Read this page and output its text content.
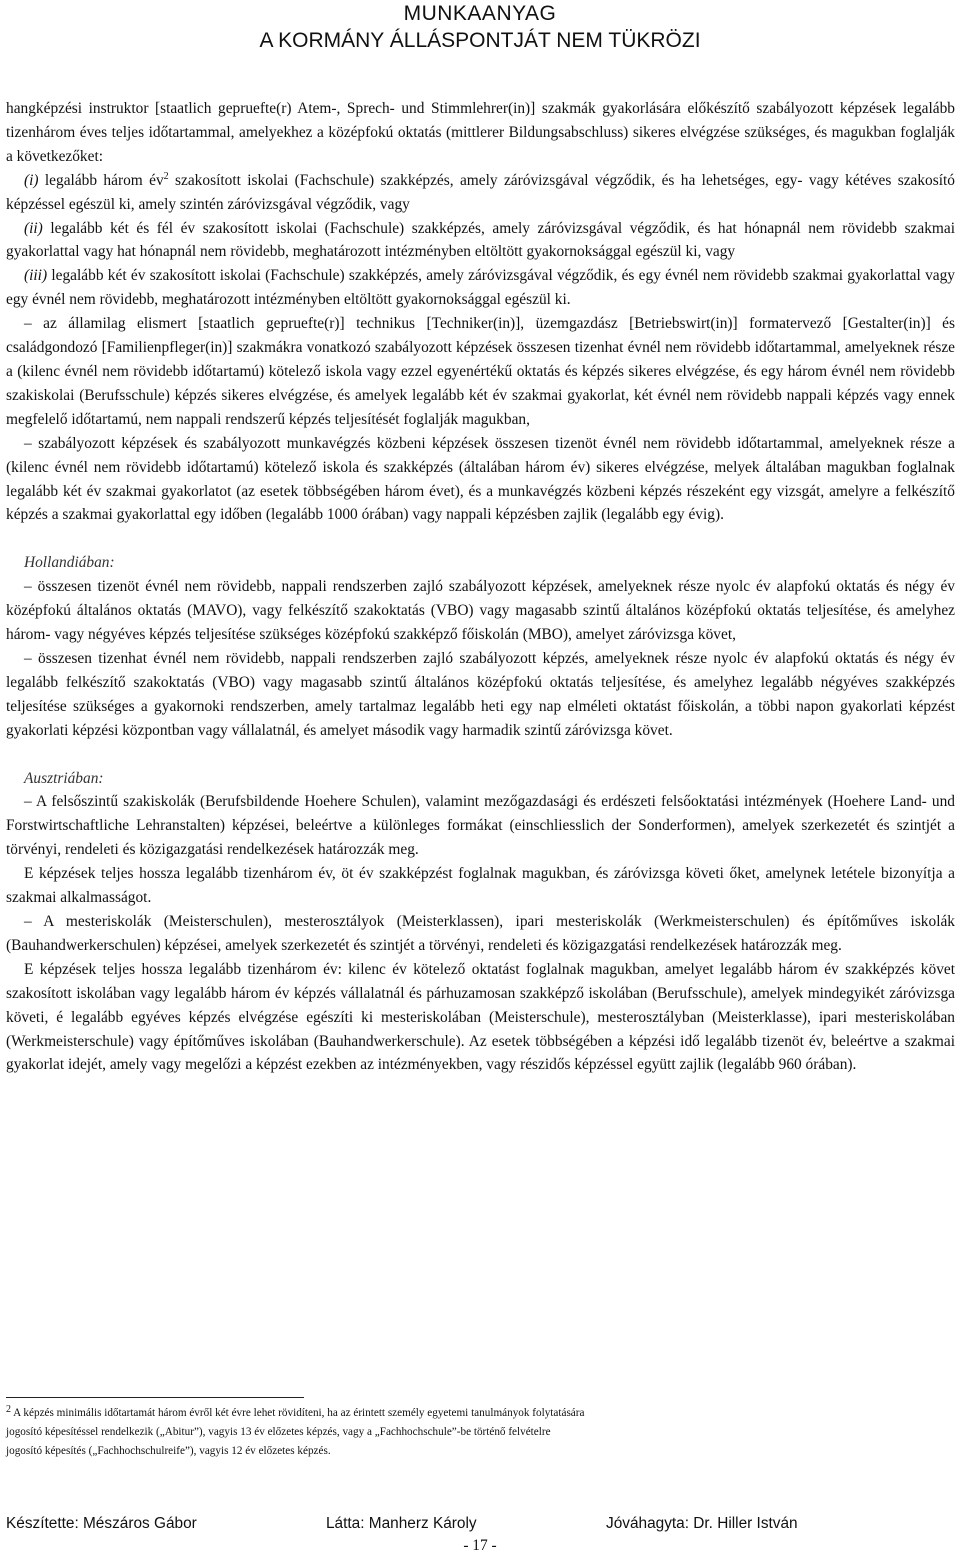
MUNKAANYAG
A KORMÁNY ÁLLÁSPONTJÁT NEM TÜKRÖZI

hangképzési instruktor [staatlich gepruefte(r) Atem-, Sprech- und Stimmlehrer(in)] szakmák gyakorlására előkészítő szabályozott képzések legalább tizenhárom éves teljes időtartammal, amelyekhez a középfokú oktatás (mittlerer Bildungsabschluss) sikeres elvégzése szükséges, és magukban foglalják a következőket:

(i) legalább három $év^2$ szakosított iskolai (Fachschule) szakképzés, amely záróvizsgával végződik, és ha lehetséges, egy- vagy kétéves szakosító képzéssel egészül ki, amely szintén záróvizsgával végződik, vagy

(ii) legalább két és fél év szakosított iskolai (Fachschule) szakképzés, amely záróvizsgával végződik, és hat hónapnál nem rövidebb szakmai gyakorlattal vagy hat hónapnál nem rövidebb, meghatározott intézményben eltöltött gyakornoksággal egészül ki, vagy

(iii) legalább két év szakosított iskolai (Fachschule) szakképzés, amely záróvizsgával végződik, és egy évnél nem rövidebb szakmai gyakorlattal vagy egy évnél nem rövidebb, meghatározott intézményben eltöltött gyakornoksággal egészül ki.

– az államilag elismert [staatlich gepruefte(r)] technikus [Techniker(in)], üzemgazdász [Betriebswirt(in)] formatervező [Gestalter(in)] és családgondozó [Familienpfleger(in)] szakmákra vonatkozó szabályozott képzések összesen tizenhat évnél nem rövidebb időtartammal, amelyeknek része a (kilenc évnél nem rövidebb időtartamú) kötelező iskola vagy ezzel egyenértékű oktatás és képzés sikeres elvégzése, és egy három évnél nem rövidebb szakiskolai (Berufsschule) képzés sikeres elvégzése, és amelyek legalább két év szakmai gyakorlat, két évnél nem rövidebb nappali képzés vagy ennek megfelelő időtartamú, nem nappali rendszerű képzés teljesítését foglalják magukban,

– szabályozott képzések és szabályozott munkavégzés közbeni képzések összesen tizenöt évnél nem rövidebb időtartammal, amelyeknek része a (kilenc évnél nem rövidebb időtartamú) kötelező iskola és szakképzés (általában három év) sikeres elvégzése, melyek általában magukban foglalnak legalább két év szakmai gyakorlatot (az esetek többségében három évet), és a munkavégzés közbeni képzés részeként egy vizsgát, amelyre a felkészítő képzés a szakmai gyakorlattal egy időben (legalább 1000 órában) vagy nappali képzésben zajlik (legalább egy évig).

Hollandiában:

– összesen tizenöt évnél nem rövidebb, nappali rendszerben zajló szabályozott képzések, amelyeknek része nyolc év alapfokú oktatás és négy év középfokú általános oktatás (MAVO), vagy felkészítő szakoktatás (VBO) vagy magasabb szintű általános középfokú oktatás teljesítése, és amelyhez három- vagy négyéves képzés teljesítése szükséges középfokú szakképző főiskolán (MBO), amelyet záróvizsga követ,

– összesen tizenhat évnél nem rövidebb, nappali rendszerben zajló szabályozott képzés, amelyeknek része nyolc év alapfokú oktatás és négy év legalább felkészítő szakoktatás (VBO) vagy magasabb szintű általános középfokú oktatás teljesítése, és amelyhez legalább négyéves szakképzés teljesítése szükséges a gyakornoki rendszerben, amely tartalmaz legalább heti egy nap elméleti oktatást főiskolán, a többi napon gyakorlati képzést gyakorlati képzési központban vagy vállalatnál, és amelyet második vagy harmadik szintű záróvizsga követ.

Ausztriában:

– A felsőszintű szakiskolák (Berufsbildende Hoehere Schulen), valamint mezőgazdasági és erdészeti felsőoktatási intézmények (Hoehere Land- und Forstwirtschaftliche Lehranstalten) képzései, beleértve a különleges formákat (einschliesslich der Sonderformen), amelyek szerkezetét és szintjét a törvényi, rendeleti és közigazgatási rendelkezések határozzák meg.

E képzések teljes hossza legalább tizenhárom év, öt év szakképzést foglalnak magukban, és záróvizsga követi őket, amelynek letétele bizonyítja a szakmai alkalmasságot.

– A mesteriskolák (Meisterschulen), mesterosztályok (Meisterklassen), ipari mesteriskolák (Werkmeisterschulen) és építőműves iskolák (Bauhandwerkerschulen) képzései, amelyek szerkezetét és szintjét a törvényi, rendeleti és közigazgatási rendelkezések határozzák meg.

E képzések teljes hossza legalább tizenhárom év: kilenc év kötelező oktatást foglalnak magukban, amelyet legalább három év szakképzés követ szakosított iskolában vagy legalább három év képzés vállalatnál és párhuzamosan szakképző iskolában (Berufsschule), amelyek mindegyikét záróvizsga követi, é legalább egyéves képzés elvégzése egészíti ki mesteriskolában (Meisterschule), mesterosztályban (Meisterklasse), ipari mesteriskolában (Werkmeisterschule) vagy építőműves iskolában (Bauhandwerkerschule). Az esetek többségében a képzési idő legalább tizenöt év, beleértve a szakmai gyakorlat idejét, amely vagy megelőzi a képzést ezekben az intézményekben, vagy részidős képzéssel együtt zajlik (legalább 960 órában).

$^2$ A képzés minimális időtartamát három évről két évre lehet rövidíteni, ha az érintett személy egyetemi tanulmányok folytatására jogosító képesítéssel rendelkezik („Abitur”), vagyis 13 év előzetes képzés, vagy a „Fachhochschule”-be történő felvételre jogosító képesítés („Fachhochschulreife”), vagyis 12 év előzetes képzés.
Készítette: Mészáros Gábor	Látta: Manherz Károly	Jóváhagyta: Dr. Hiller István
- 17 -
